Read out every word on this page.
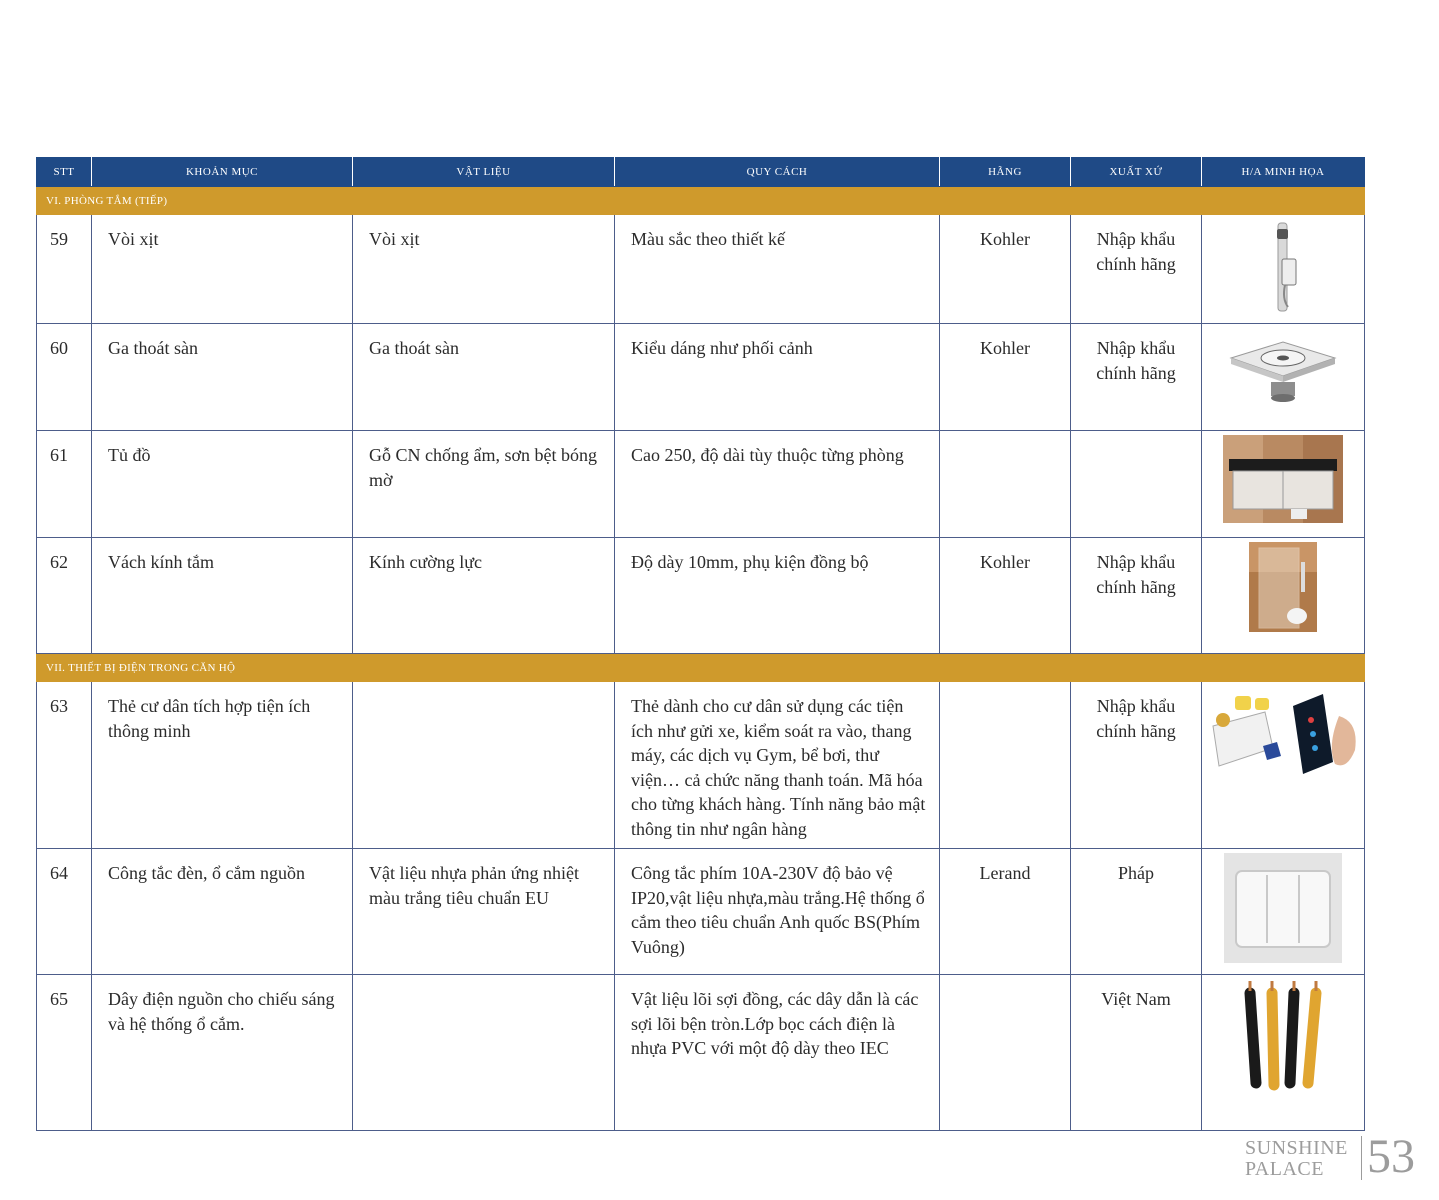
STT	KHOẢN MỤC	VẬT LIỆU	QUY CÁCH	HÃNG	XUẤT XỨ	H/A MINH HỌA
VI. PHÒNG TẮM (TIẾP)						
59	Vòi xịt	Vòi xịt	Màu sắc theo thiết kế	Kohler	Nhập khẩu chính hãng	
60	Ga thoát sàn	Ga thoát sàn	Kiểu dáng như phối cảnh	Kohler	Nhập khẩu chính hãng	
61	Tủ đồ	Gỗ CN chống ẩm, sơn bệt bóng mờ	Cao 250, độ dài tùy thuộc từng phòng			
62	Vách kính tắm	Kính cường lực	Độ dày 10mm, phụ kiện đồng bộ	Kohler	Nhập khẩu chính hãng	
VII. THIẾT BỊ ĐIỆN TRONG CĂN HỘ						
63	Thẻ cư dân tích hợp tiện ích thông minh		Thẻ dành cho cư dân sử dụng các tiện ích như gửi xe, kiểm soát ra vào, thang máy, các dịch vụ Gym, bể bơi, thư viện… cả chức năng thanh toán. Mã hóa cho từng khách hàng. Tính năng bảo mật thông tin như ngân hàng		Nhập khẩu chính hãng	
64	Công tắc đèn, ổ cắm nguồn	Vật liệu nhựa phản ứng nhiệt màu trắng tiêu chuẩn EU	Công tắc phím 10A-230V độ bảo vệ IP20,vật liệu nhựa,màu trắng.Hệ thống ổ cắm theo tiêu chuẩn Anh quốc BS(Phím Vuông)	Lerand	Pháp	
65	Dây điện nguồn cho chiếu sáng và hệ thống ổ cắm.		Vật liệu lõi sợi đồng, các dây dẫn là các sợi lõi bện tròn.Lớp bọc cách điện là nhựa PVC với một độ dày theo IEC		Việt Nam	
SUNSHINE
PALACE 53
